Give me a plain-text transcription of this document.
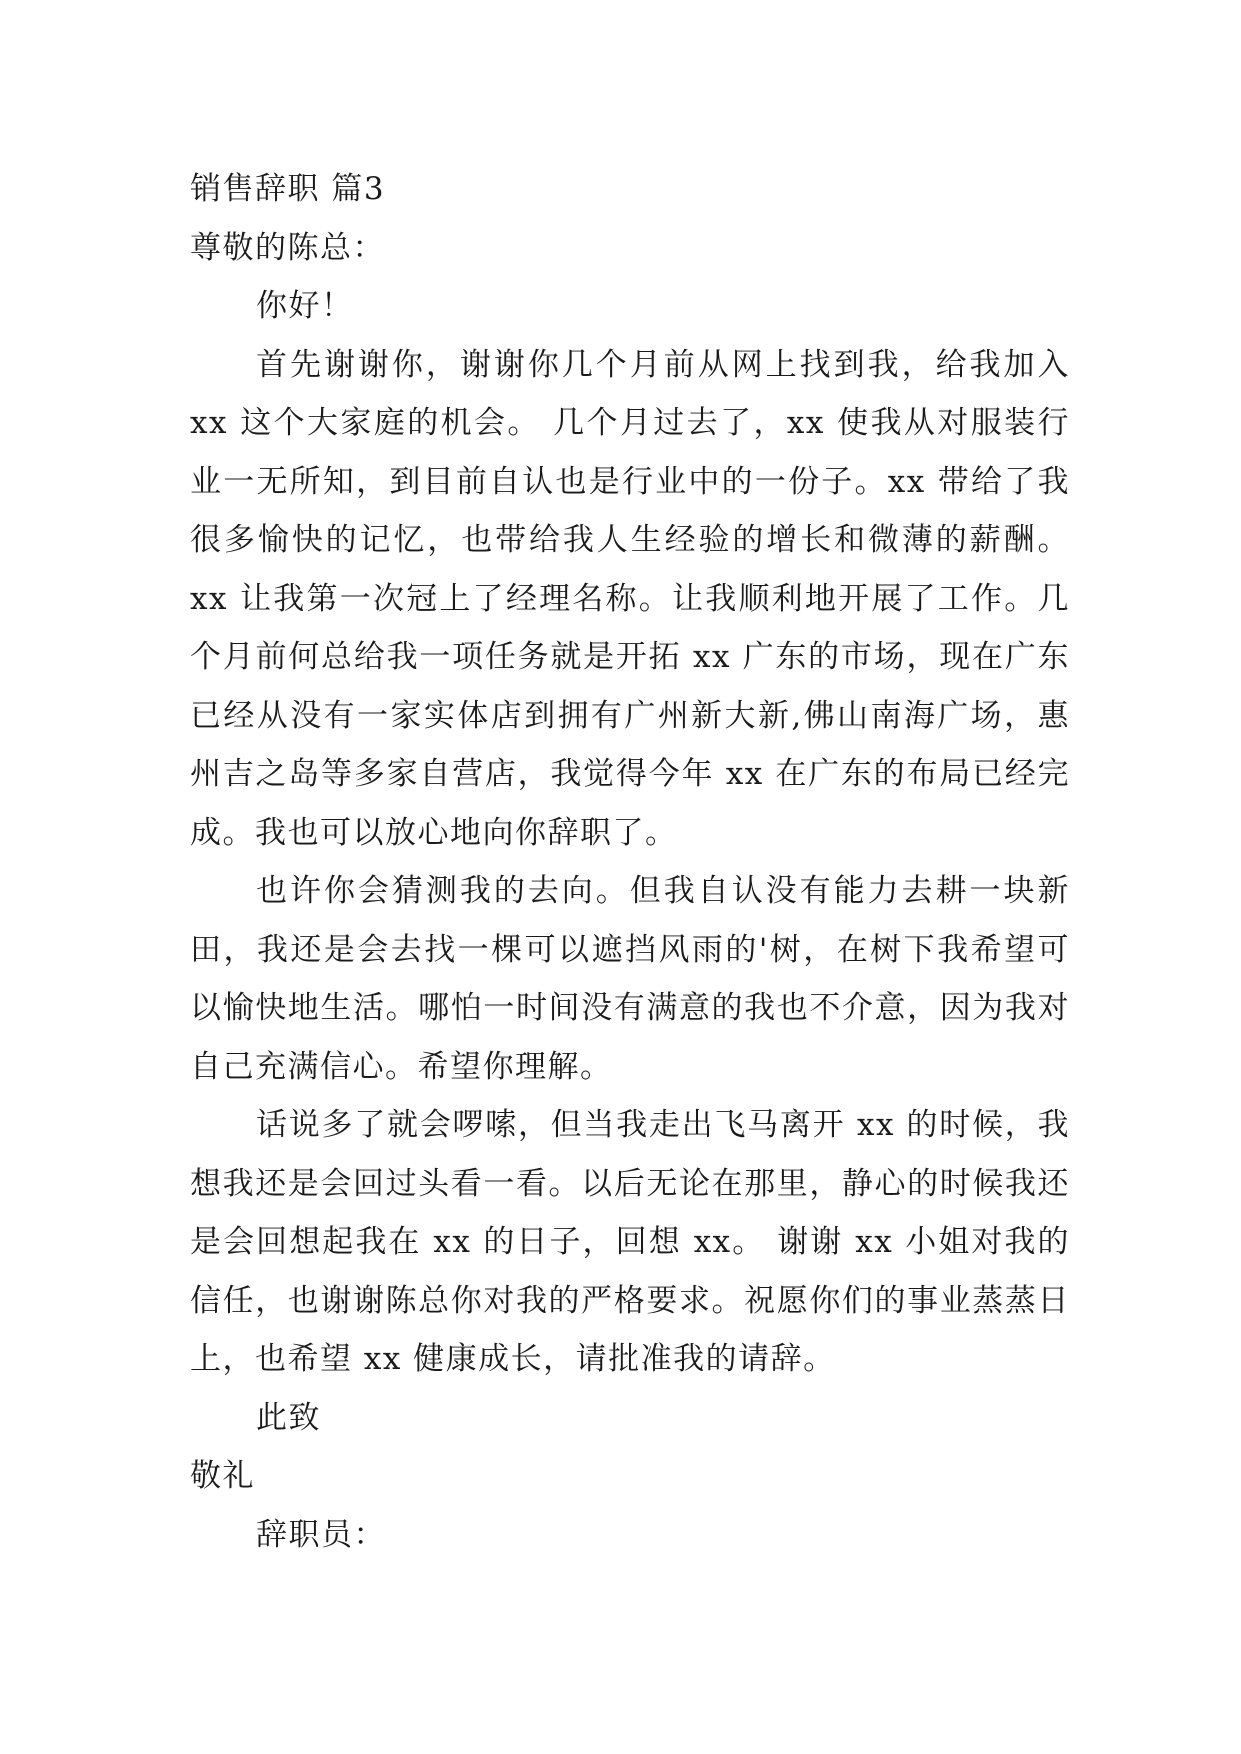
销售辞职 篇3

尊敬的陈总：

你好！

首先谢谢你，谢谢你几个月前从网上找到我，给我加入 xx 这个大家庭的机会。 几个月过去了，xx 使我从对服装行业一无所知，到目前自认也是行业中的一份子。xx 带给了我很多愉快的记忆，也带给我人生经验的增长和微薄的薪酬。xx 让我第一次冠上了经理名称。让我顺利地开展了工作。几个月前何总给我一项任务就是开拓 xx 广东的市场，现在广东已经从没有一家实体店到拥有广州新大新,佛山南海广场，惠州吉之岛等多家自营店，我觉得今年 xx 在广东的布局已经完成。我也可以放心地向你辞职了。

也许你会猜测我的去向。但我自认没有能力去耕一块新田，我还是会去找一棵可以遮挡风雨的'树，在树下我希望可以愉快地生活。哪怕一时间没有满意的我也不介意，因为我对自己充满信心。希望你理解。

话说多了就会啰嗦，但当我走出飞马离开 xx 的时候，我想我还是会回过头看一看。以后无论在那里，静心的时候我还是会回想起我在 xx 的日子，回想 xx。 谢谢 xx 小姐对我的信任，也谢谢陈总你对我的严格要求。祝愿你们的事业蒸蒸日上，也希望 xx 健康成长，请批准我的请辞。

此致

敬礼

辞职员：
